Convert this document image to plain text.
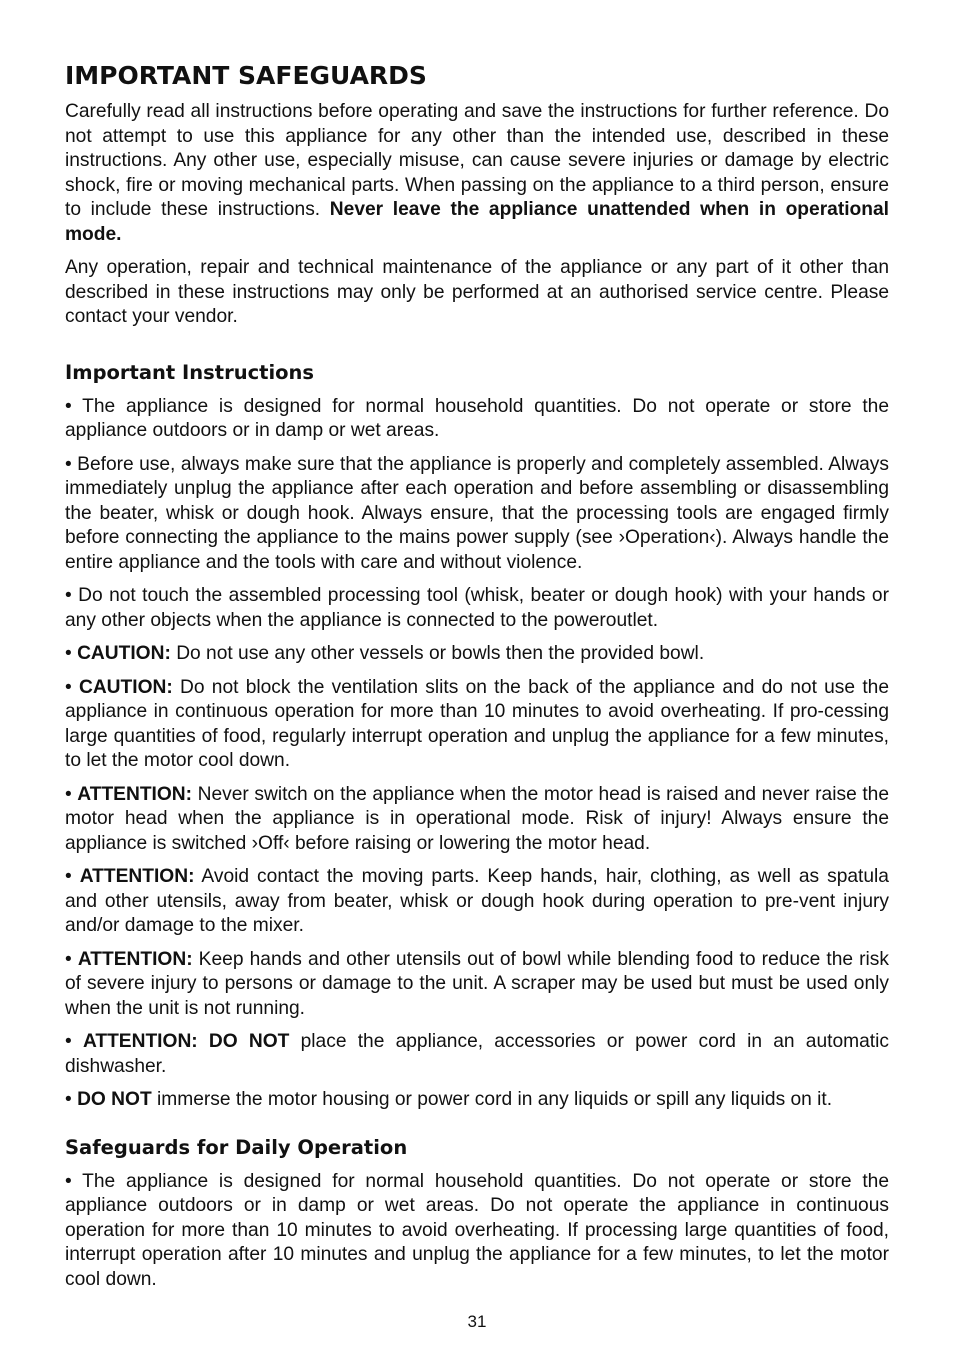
IMPORTANT SAFEGUARDS

Carefully read all instructions before operating and save the instructions for further reference. Do not attempt to use this appliance for any other than the intended use, described in these instructions. Any other use, especially misuse, can cause severe injuries or damage by electric shock, fire or moving mechanical parts. When passing on the appliance to a third person, ensure to include these instructions. Never leave the appliance unattended when in operational mode.

Any operation, repair and technical maintenance of the appliance or any part of it other than described in these instructions may only be performed at an authorised service centre. Please contact your vendor.

Important Instructions

• The appliance is designed for normal household quantities. Do not operate or store the appliance outdoors or in damp or wet areas.

• Before use, always make sure that the appliance is properly and completely assembled. Always immediately unplug the appliance after each operation and before assembling or disassembling the beater, whisk or dough hook. Always ensure, that the processing tools are engaged firmly before connecting the appliance to the mains power supply (see ›Operation‹). Always handle the entire appliance and the tools with care and without violence.

• Do not touch the assembled processing tool (whisk, beater or dough hook) with your hands or any other objects when the appliance is connected to the poweroutlet.

• CAUTION: Do not use any other vessels or bowls then the provided bowl.

• CAUTION: Do not block the ventilation slits on the back of the appliance and do not use the appliance in continuous operation for more than 10 minutes to avoid overheating. If pro-cessing large quantities of food, regularly interrupt operation and unplug the appliance for a few minutes, to let the motor cool down.

• ATTENTION: Never switch on the appliance when the motor head is raised and never raise the motor head when the appliance is in operational mode. Risk of injury! Always ensure the appliance is switched ›Off‹ before raising or lowering the motor head.

• ATTENTION: Avoid contact the moving parts. Keep hands, hair, clothing, as well as spatula and other utensils, away from beater, whisk or dough hook during operation to pre-vent injury and/or damage to the mixer.

• ATTENTION: Keep hands and other utensils out of bowl while blending food to reduce the risk of severe injury to persons or damage to the unit. A scraper may be used but must be used only when the unit is not running.

• ATTENTION: DO NOT place the appliance, accessories or power cord in an automatic dishwasher.

• DO NOT immerse the motor housing or power cord in any liquids or spill any liquids on it.

Safeguards for Daily Operation

• The appliance is designed for normal household quantities. Do not operate or store the appliance outdoors or in damp or wet areas. Do not operate the appliance in continuous operation for more than 10 minutes to avoid overheating. If processing large quantities of food, interrupt operation after 10 minutes and unplug the appliance for a few minutes, to let the motor cool down.

31
